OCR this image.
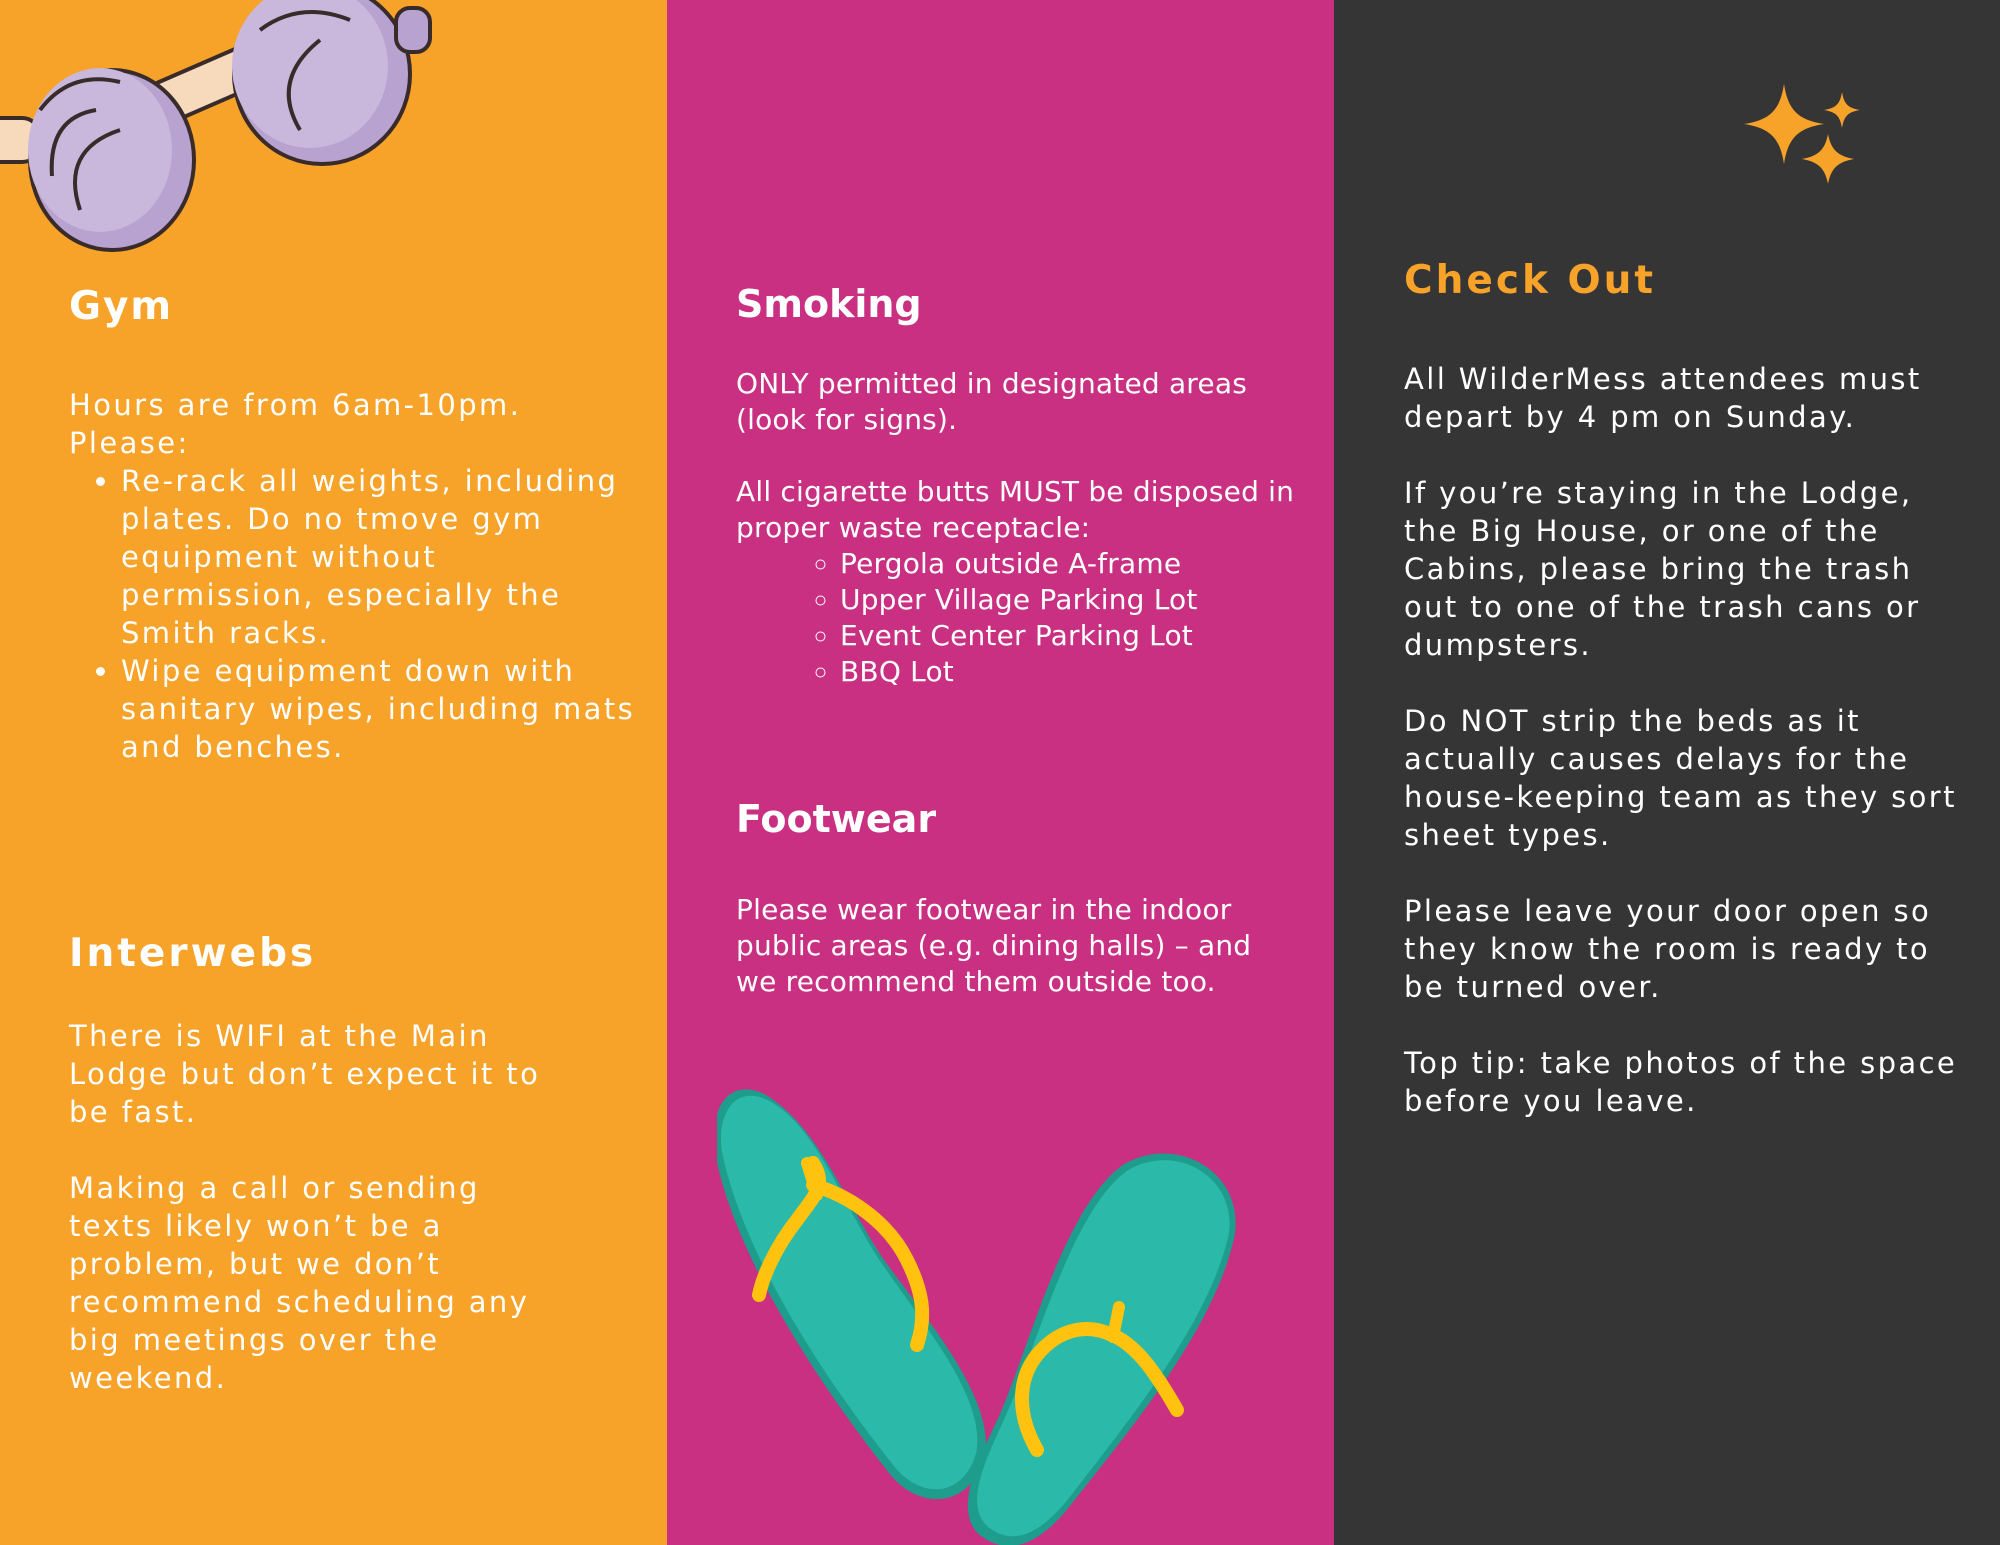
Gym

Hours are from 6am-10pm.

Please:

• Re-rack all weights, including plates. Do no tmove gym equipment without permission, especially the Smith racks.
• Wipe equipment down with sanitary wipes, including mats and benches.
Interwebs

There is WIFI at the Main Lodge but don’t expect it to be fast.

Making a call or sending texts likely won’t be a problem, but we don’t recommend scheduling any big meetings over the weekend.

Smoking

ONLY permitted in designated areas (look for signs).

All cigarette butts MUST be disposed in proper waste receptacle:

◦ Pergola outside A-frame
◦ Upper Village Parking Lot
◦ Event Center Parking Lot
◦ BBQ Lot
Footwear

Please wear footwear in the indoor public areas (e.g. dining halls) – and we recommend them outside too.

Check Out

All WilderMess attendees must depart by 4 pm on Sunday.

If you’re staying in the Lodge, the Big House, or one of the Cabins, please bring the trash out to one of the trash cans or dumpsters.

Do NOT strip the beds as it actually causes delays for the house-keeping team as they sort sheet types.

Please leave your door open so they know the room is ready to be turned over.

Top tip: take photos of the space before you leave.
